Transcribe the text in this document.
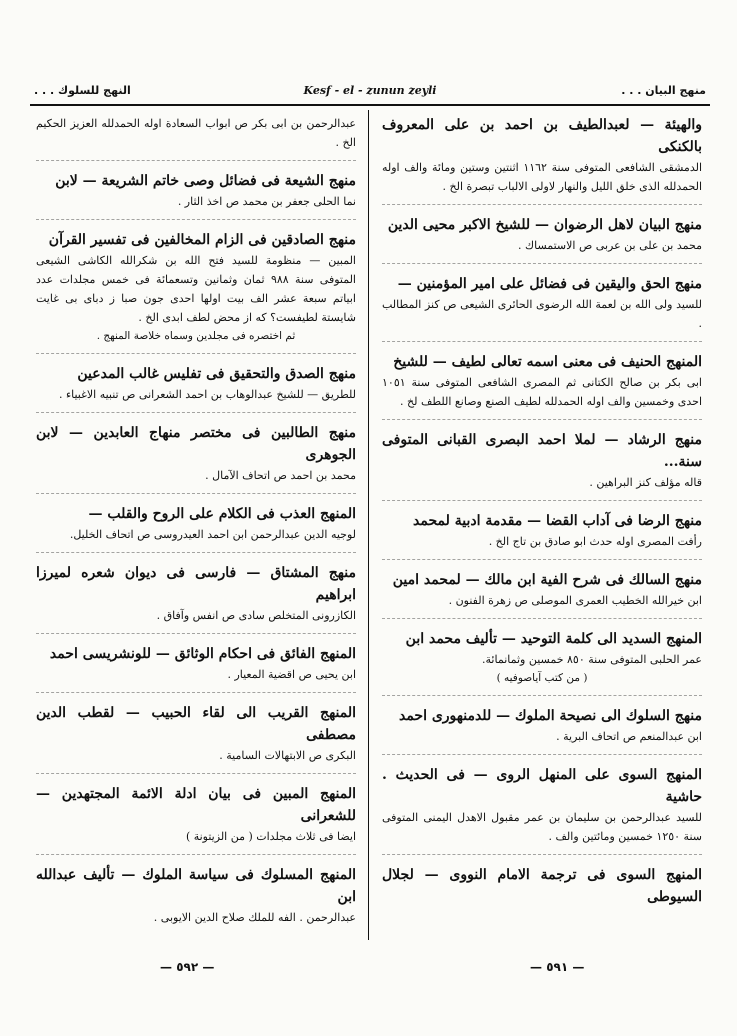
منهج البيان . . .
Kesf - el - zunun zeyli
النهج للسلوك . . .
والهيئة — لعبدالطيف بن احمد بن على المعروف بالكنكى
الدمشقى الشافعى المتوفى سنة ١١٦٢ اثنتين وستين ومائة والف اوله الحمدلله الذى خلق الليل والنهار لاولى الالباب تبصرة الخ .
منهج البيان لاهل الرضوان — للشيخ الاكبر محيى الدين
محمد بن على بن عربى ص الاستمساك .
منهج الحق واليقين فى فضائل على امير المؤمنين —
للسيد ولى الله بن لعمة الله الرضوى الحائرى الشيعى ص كنز المطالب .
المنهج الحنيف فى معنى اسمه تعالى لطيف — للشيخ
ابى بكر بن صالح الكتانى ثم المصرى الشافعى المتوفى سنة ١٠٥١ احدى وخمسين والف اوله الحمدلله لطيف الصنع وصانع اللطف لخ .
منهج الرشاد — لملا احمد البصرى القبانى المتوفى سنة...
قاله مؤلف كنز البراهين .
منهج الرضا فى آداب القضا — مقدمة ادبية لمحمد
رأفت المصرى اوله حدث ابو صادق بن تاج الخ .
منهج السالك فى شرح الفية ابن مالك — لمحمد امين
ابن خيرالله الخطيب العمرى الموصلى ص زهرة الفنون .
المنهج السديد الى كلمة التوحيد — تأليف محمد ابن
عمر الحلبى المتوفى سنة ٨٥٠ خمسين وثمانمائة.
( من كتب آياصوفيه )
منهج السلوك الى نصيحة الملوك — للدمنهورى احمد
ابن عبدالمنعم ص اتحاف البرية .
المنهج السوى على المنهل الروى — فى الحديث . حاشية
للسيد عبدالرحمن بن سليمان بن عمر مقبول الاهدل اليمنى المتوفى سنة ١٢٥٠ خمسين ومائتين والف .
المنهج السوى فى ترجمة الامام النووى — لجلال السيوطى
عبدالرحمن بن ابى بكر ص ابواب السعادة اوله الحمدلله العزيز الحكيم الخ .
منهج الشيعة فى فضائل وصى خاتم الشريعة — لابن
نما الحلى جعفر بن محمد ص اخذ الثار .
منهج الصادقين فى الزام المخالفين فى تفسير القرآن
المبين — منظومة للسيد فتح الله بن شكرالله الكاشى الشيعى المتوفى سنة ٩٨٨ ثمان وثمانين وتسعمائة فى خمس مجلدات عدد ابياتم سبعة عشر الف بيت اولها احدى جون صبا ز دباى بى غايت شايستة لطيفست؟ كه از محض لطف ابدى الخ .
ثم اختصره فى مجلدين وسماه خلاصة المنهج .
منهج الصدق والتحقيق فى تفليس غالب المدعين
للطريق — للشيخ عبدالوهاب بن احمد الشعرانى ص تنبيه الاغبياء .
منهج الطالبين فى مختصر منهاج العابدين — لابن الجوهرى
محمد بن احمد ص اتحاف الآمال .
المنهج العذب فى الكلام على الروح والقلب —
لوجيه الدين عبدالرحمن ابن احمد العيدروسى ص اتحاف الخليل.
منهج المشتاق — فارسى فى ديوان شعره لميرزا ابراهيم
الكازرونى المتخلص سادى ص انفس وآفاق .
المنهج الفائق فى احكام الوثائق — للونشريسى احمد
ابن يحيى ص اقضية المعيار .
المنهج القريب الى لقاء الحبيب — لقطب الدين مصطفى
البكرى ص الابتهالات السامية .
المنهج المبين فى بيان ادلة الائمة المجتهدين — للشعرانى
ايضا فى ثلاث مجلدات ( من الزيتونة )
المنهج المسلوك فى سياسة الملوك — تأليف عبدالله ابن
عبدالرحمن . الفه للملك صلاح الدين الايوبى .
— ٥٩١ —
— ٥٩٢ —
